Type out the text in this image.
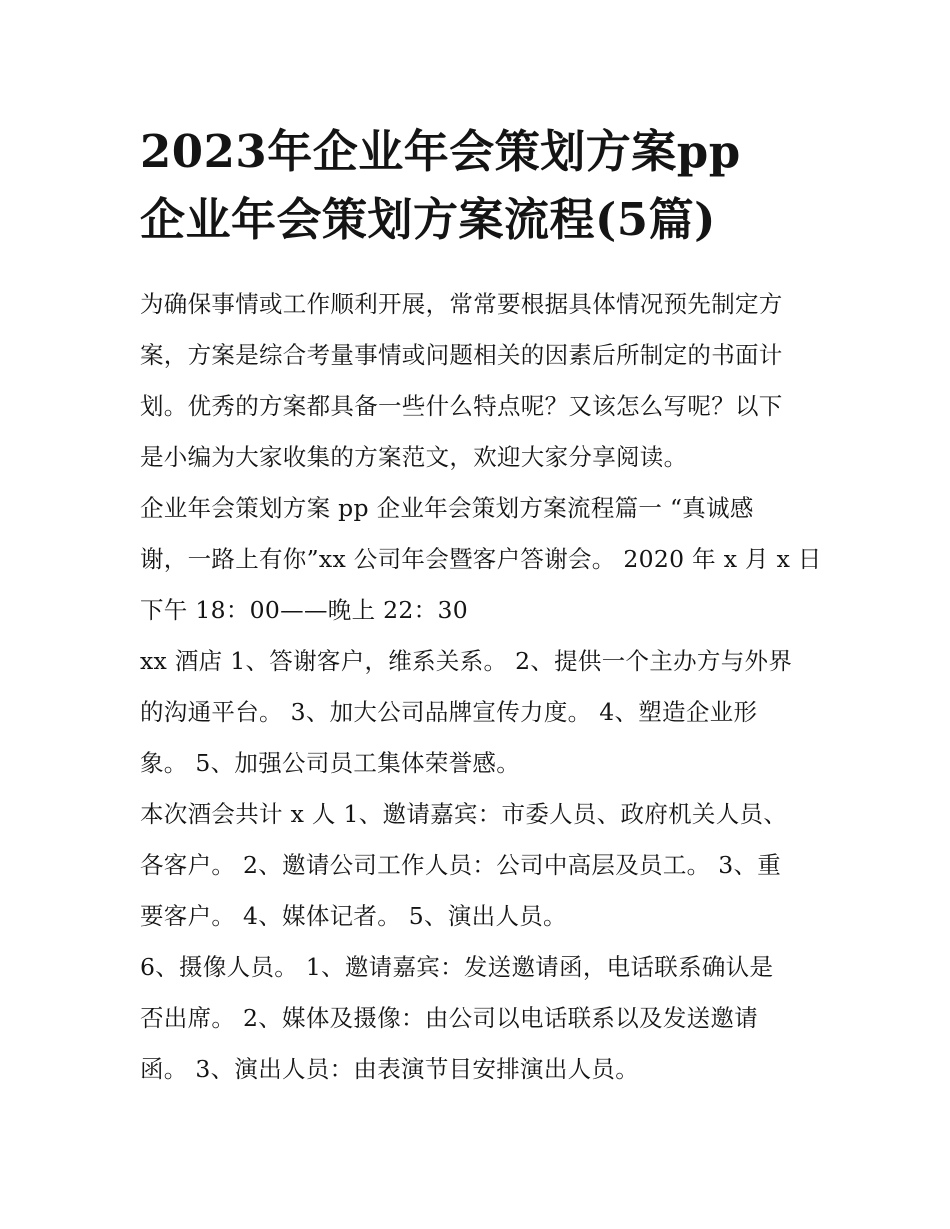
2023年企业年会策划方案pp
企业年会策划方案流程(5篇)
为确保事情或工作顺利开展，常常要根据具体情况预先制定方
案，方案是综合考量事情或问题相关的因素后所制定的书面计
划。优秀的方案都具备一些什么特点呢？又该怎么写呢？以下
是小编为大家收集的方案范文，欢迎大家分享阅读。
企业年会策划方案 pp 企业年会策划方案流程篇一 “真诚感
谢，一路上有你”xx 公司年会暨客户答谢会。 2020 年 x 月 x 日
下午 18：00——晚上 22：30
xx 酒店 1、答谢客户，维系关系。 2、提供一个主办方与外界
的沟通平台。 3、加大公司品牌宣传力度。 4、塑造企业形
象。 5、加强公司员工集体荣誉感。
本次酒会共计 x 人 1、邀请嘉宾：市委人员、政府机关人员、
各客户。 2、邀请公司工作人员：公司中高层及员工。 3、重
要客户。 4、媒体记者。 5、演出人员。
6、摄像人员。 1、邀请嘉宾：发送邀请函，电话联系确认是
否出席。 2、媒体及摄像：由公司以电话联系以及发送邀请
函。 3、演出人员：由表演节目安排演出人员。
